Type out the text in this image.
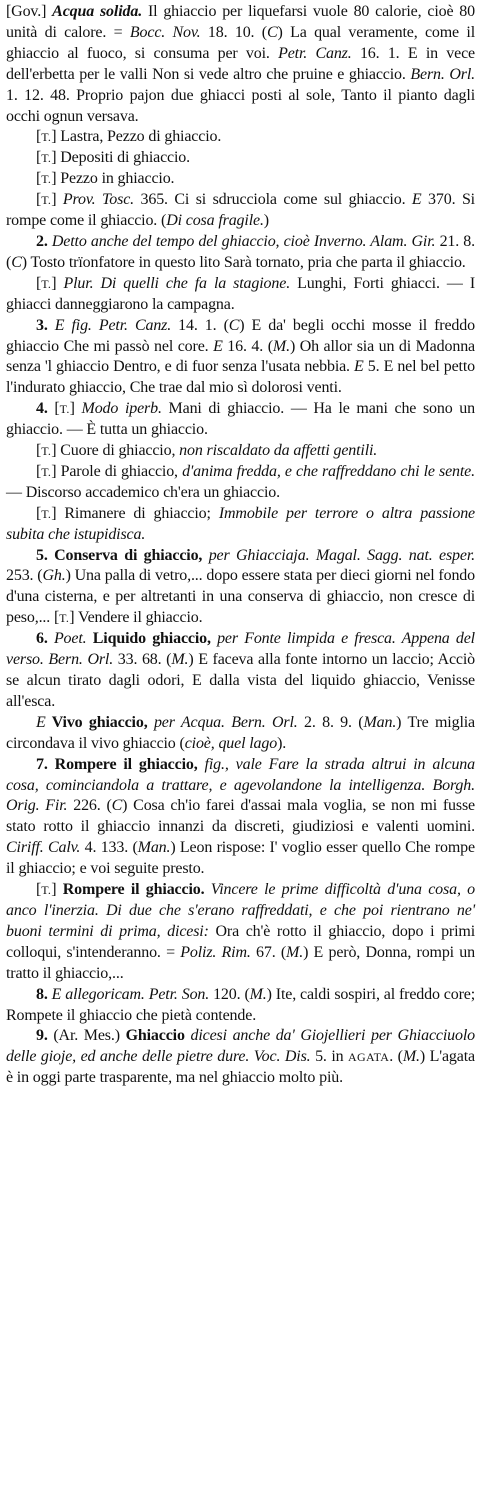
[Gov.] Acqua solida. Il ghiaccio per liquefarsi vuole 80 calorie, cioè 80 unità di calore. = Bocc. Nov. 18. 10. (C) La qual veramente, come il ghiaccio al fuoco, si consuma per voi. Petr. Canz. 16. 1. E in vece dell'erbetta per le valli Non si vede altro che pruine e ghiaccio. Bern. Orl. 1. 12. 48. Proprio pajon due ghiacci posti al sole, Tanto il pianto dagli occhi ognun versava.

[T.] Lastra, Pezzo di ghiaccio.

[T.] Depositi di ghiaccio.

[T.] Pezzo in ghiaccio.

[T.] Prov. Tosc. 365. Ci si sdrucciola come sul ghiaccio. E 370. Si rompe come il ghiaccio. (Di cosa fragile.)

2. Detto anche del tempo del ghiaccio, cioè Inverno. Alam. Gir. 21. 8. (C) Tosto trïonfatore in questo lito Sarà tornato, pria che parta il ghiaccio.

[T.] Plur. Di quelli che fa la stagione. Lunghi, Forti ghiacci. — I ghiacci danneggiarono la campagna.

3. E fig. Petr. Canz. 14. 1. (C) E da' begli occhi mosse il freddo ghiaccio Che mi passò nel core. E 16. 4. (M.) Oh allor sia un di Madonna senza 'l ghiaccio Dentro, e di fuor senza l'usata nebbia. E 5. E nel bel petto l'indurato ghiaccio, Che trae dal mio sì dolorosi venti.

4. [T.] Modo iperb. Mani di ghiaccio. — Ha le mani che sono un ghiaccio. — È tutta un ghiaccio.

[T.] Cuore di ghiaccio, non riscaldato da affetti gentili.

[T.] Parole di ghiaccio, d'anima fredda, e che raffreddano chi le sente. — Discorso accademico ch'era un ghiaccio.

[T.] Rimanere di ghiaccio; Immobile per terrore o altra passione subita che istupidisca.

5. Conserva di ghiaccio, per Ghiacciaja. Magal. Sagg. nat. esper. 253. (Gh.) Una palla di vetro,... dopo essere stata per dieci giorni nel fondo d'una cisterna, e per altretanti in una conserva di ghiaccio, non cresce di peso,... [T.] Vendere il ghiaccio.

6. Poet. Liquido ghiaccio, per Fonte limpida e fresca. Appena del verso. Bern. Orl. 33. 68. (M.) E faceva alla fonte intorno un laccio; Acciò se alcun tirato dagli odori, E dalla vista del liquido ghiaccio, Venisse all'esca.

E Vivo ghiaccio, per Acqua. Bern. Orl. 2. 8. 9. (Man.) Tre miglia circondava il vivo ghiaccio (cioè, quel lago).

7. Rompere il ghiaccio, fig., vale Fare la strada altrui in alcuna cosa, cominciandola a trattare, e agevolandone la intelligenza. Borgh. Orig. Fir. 226. (C) Cosa ch'io farei d'assai mala voglia, se non mi fusse stato rotto il ghiaccio innanzi da discreti, giudiziosi e valenti uomini. Ciriff. Calv. 4. 133. (Man.) Leon rispose: I' voglio esser quello Che rompe il ghiaccio; e voi seguite presto.

[T.] Rompere il ghiaccio. Vincere le prime difficoltà d'una cosa, o anco l'inerzia. Di due che s'erano raffreddati, e che poi rientrano ne' buoni termini di prima, dicesi: Ora ch'è rotto il ghiaccio, dopo i primi colloqui, s'intenderanno. = Poliz. Rim. 67. (M.) E però, Donna, rompi un tratto il ghiaccio,...

8. E allegoricam. Petr. Son. 120. (M.) Ite, caldi sospiri, al freddo core; Rompete il ghiaccio che pietà contende.

9. (Ar. Mes.) Ghiaccio dicesi anche da' Giojellieri per Ghiacciuolo delle gioje, ed anche delle pietre dure. Voc. Dis. 5. in AGATA. (M.) L'agata è in oggi parte trasparente, ma nel ghiaccio molto più.
